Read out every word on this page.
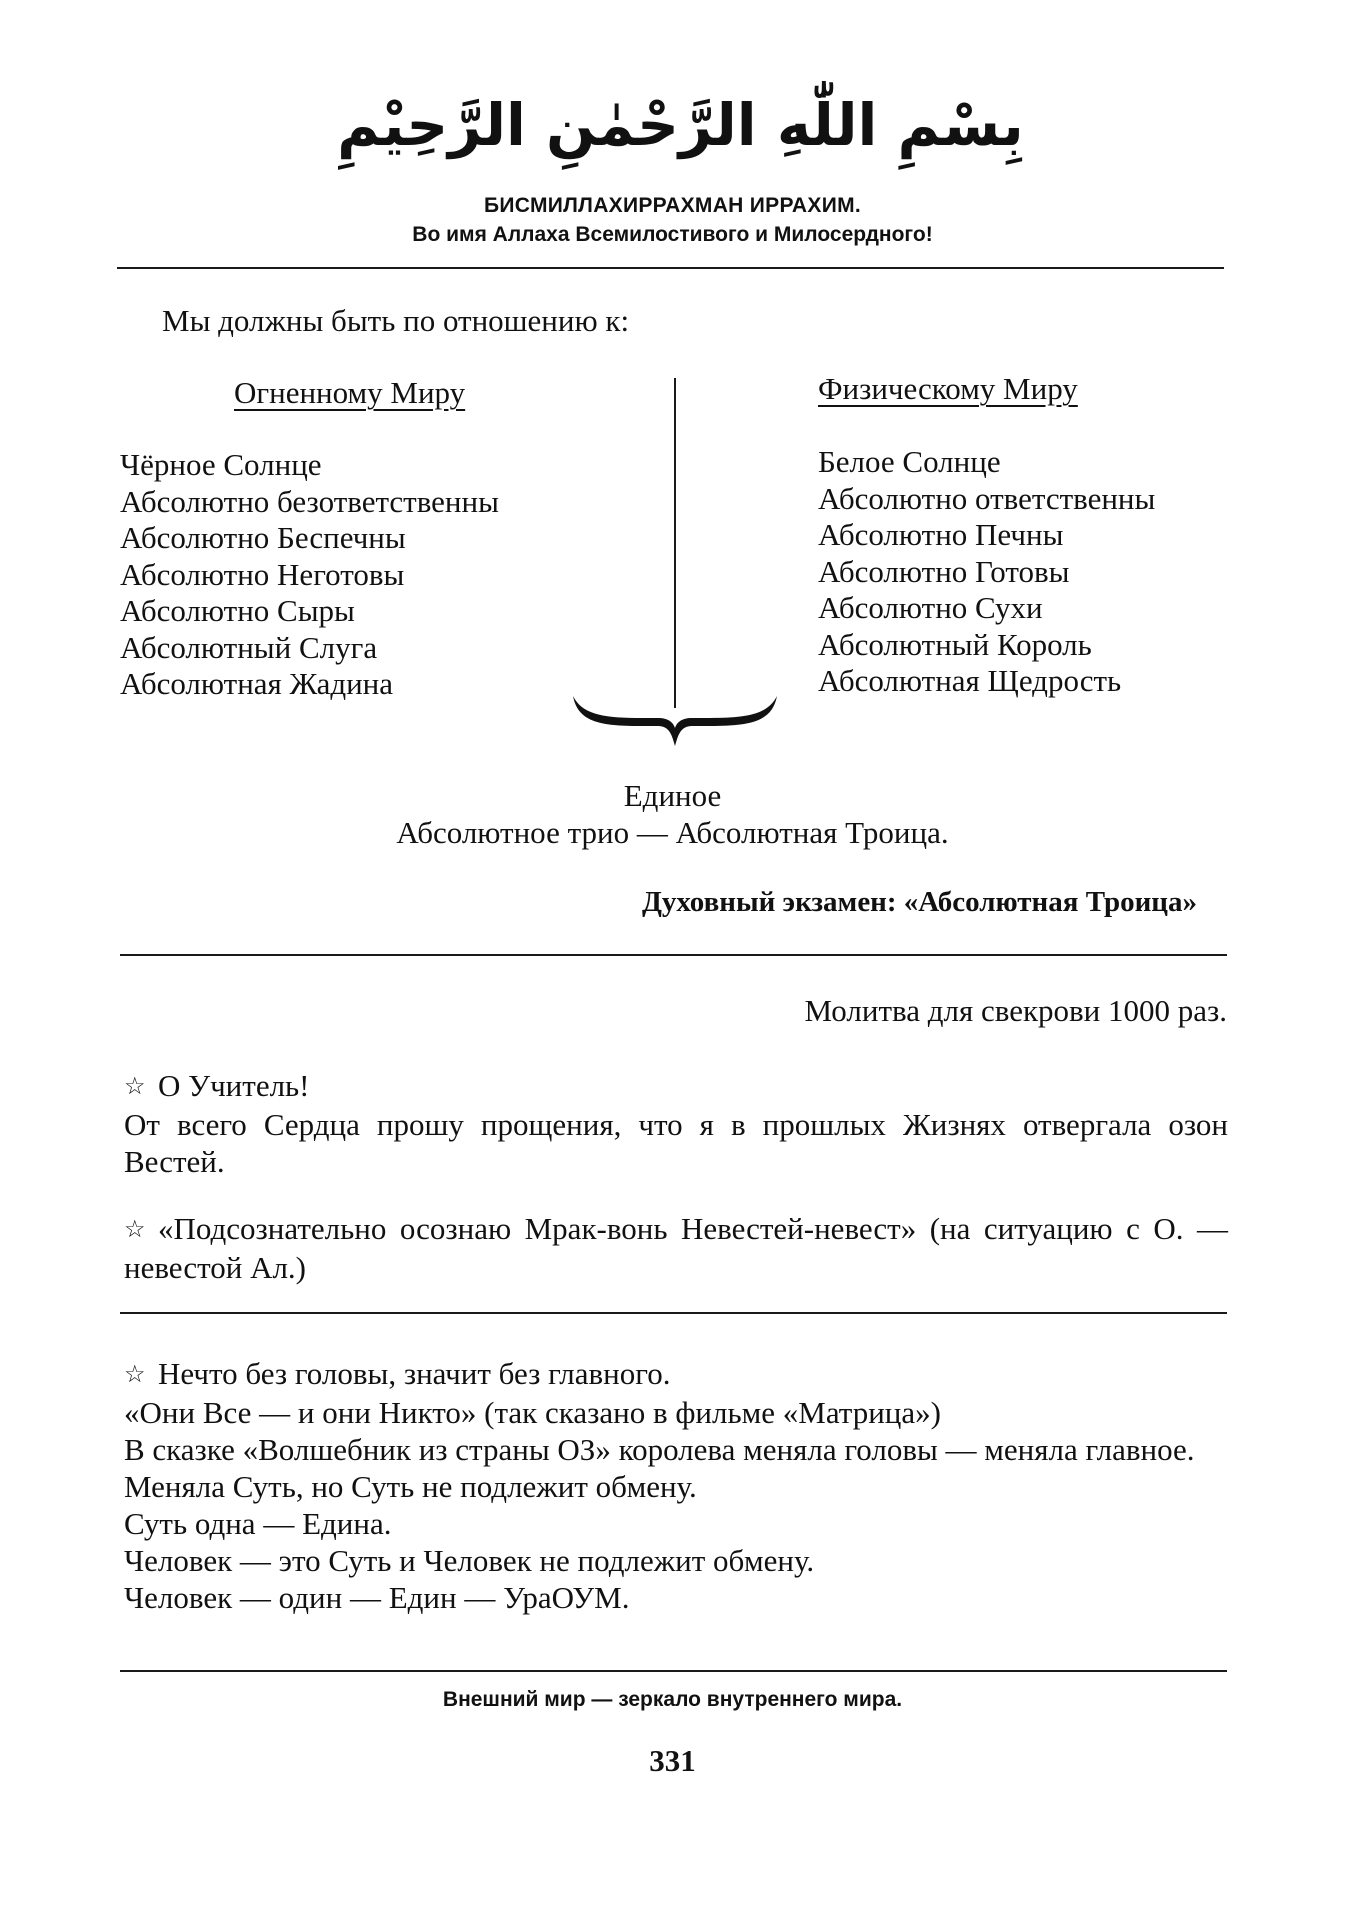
بِسْمِ اللّٰهِ الرَّحْمٰنِ الرَّحِيْمِ
БИСМИЛЛАХИРРАХМАН ИРРАХИМ.
Во имя Аллаха Всемилостивого и Милосердного!
Мы должны быть по отношению к:
Огненному Миру	Физическому Миру
Чёрное Солнце
Абсолютно безответственны
Абсолютно Беспечны
Абсолютно Неготовы
Абсолютно Сыры
Абсолютный Слуга
Абсолютная Жадина
Белое Солнце
Абсолютно ответственны
Абсолютно Печны
Абсолютно Готовы
Абсолютно Сухи
Абсолютный Король
Абсолютная Щедрость
Единое
Абсолютное трио — Абсолютная Троица.
Духовный экзамен: «Абсолютная Троица»
Молитва для свекрови 1000 раз.

☆ О Учитель!

От всего Сердца прошу прощения, что я в прошлых Жизнях отвергала озон Вестей.

☆ «Подсознательно осознаю Мрак-вонь Невестей-невест» (на ситуацию с О. — невестой Ал.)

☆ Нечто без головы, значит без главного.

«Они Все — и они Никто» (так сказано в фильме «Матрица»)

В сказке «Волшебник из страны ОЗ» королева меняла головы — меняла главное.

Меняла Суть, но Суть не подлежит обмену.

Суть одна — Едина.

Человек — это Суть и Человек не подлежит обмену.

Человек — один — Един — УраОУМ.

Внешний мир — зеркало внутреннего мира.
331
